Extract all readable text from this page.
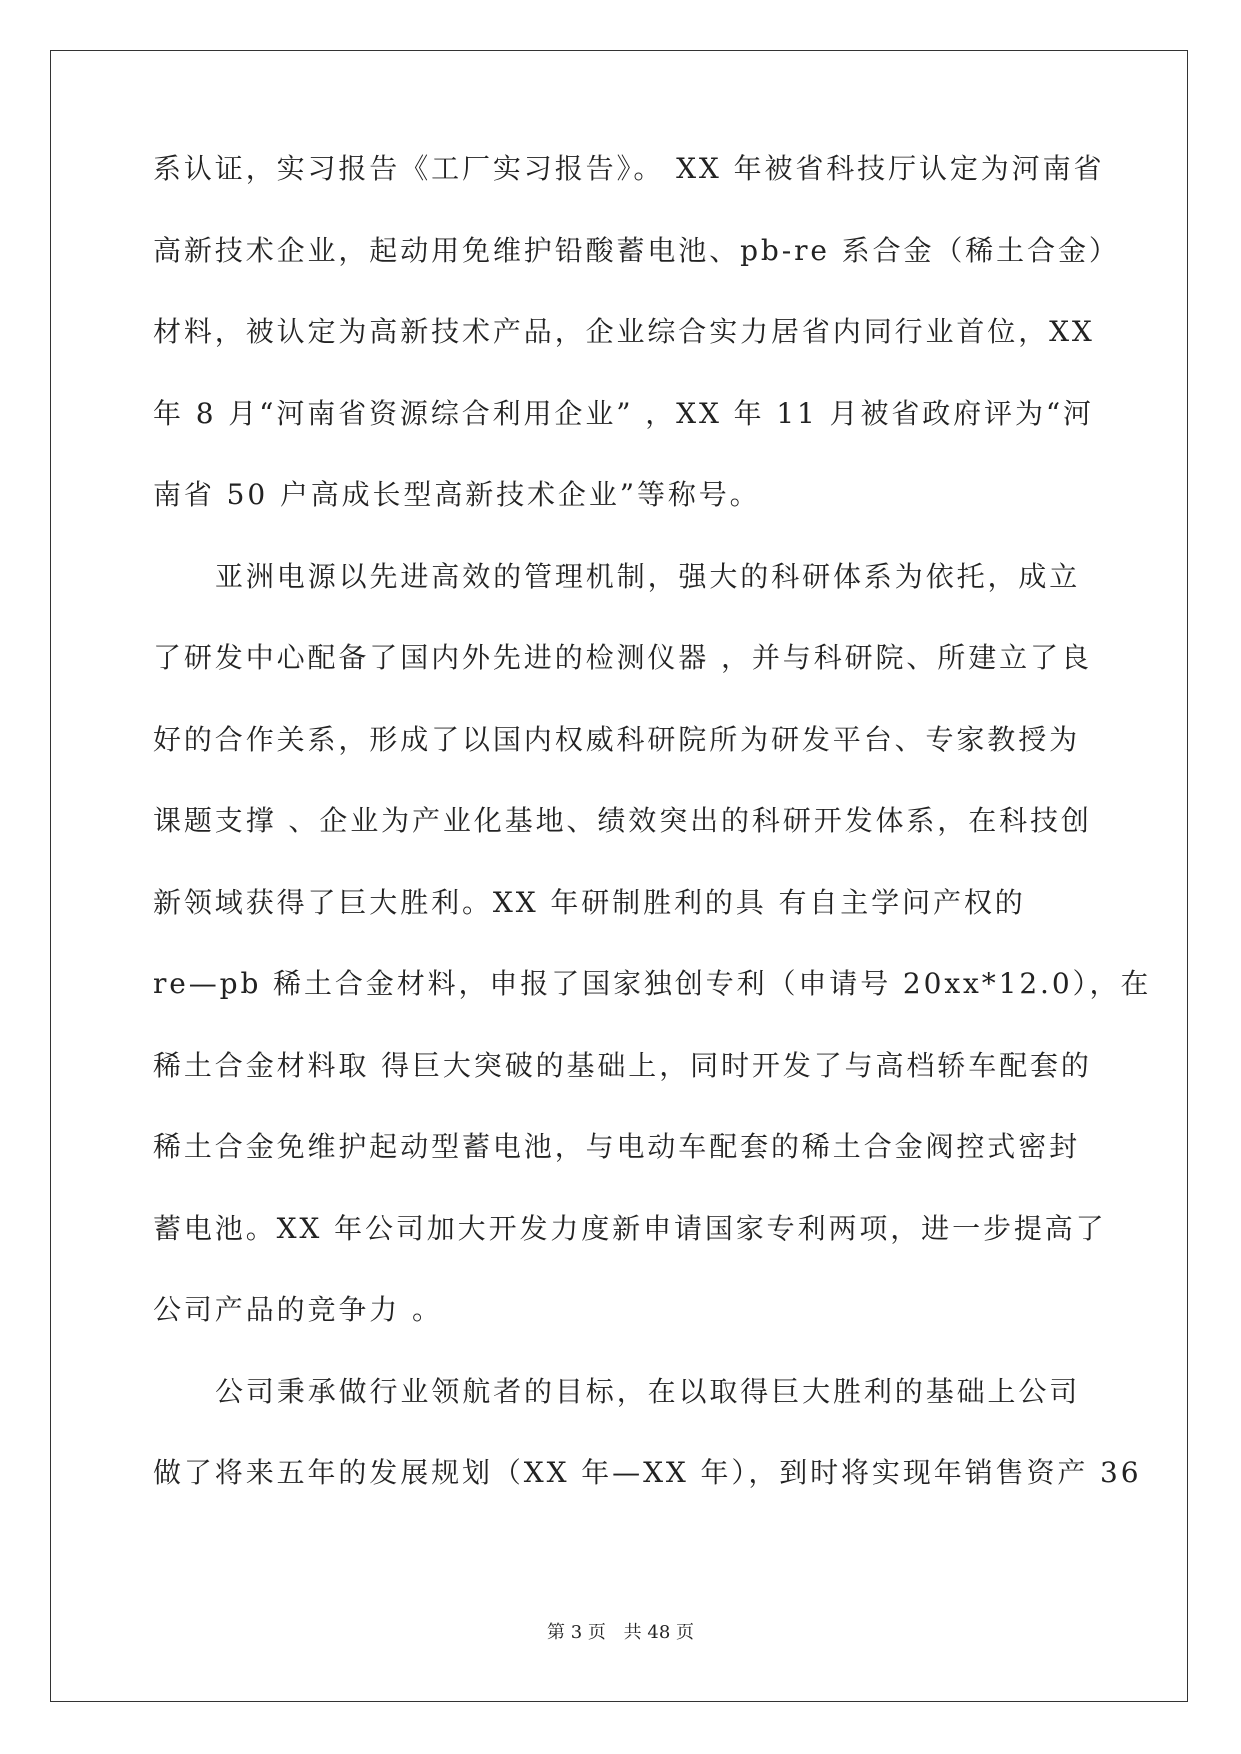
系认证，实习报告《工厂实习报告》。 XX 年被省科技厅认定为河南省
高新技术企业，起动用免维护铅酸蓄电池、pb-re 系合金（稀土合金）
材料，被认定为高新技术产品，企业综合实力居省内同行业首位，XX
年 8 月“河南省资源综合利用企业” ，XX 年 11 月被省政府评为“河
南省 50 户高成长型高新技术企业”等称号。
亚洲电源以先进高效的管理机制，强大的科研体系为依托，成立
了研发中心配备了国内外先进的检测仪器 ，并与科研院、所建立了良
好的合作关系，形成了以国内权威科研院所为研发平台、专家教授为
课题支撑 、企业为产业化基地、绩效突出的科研开发体系，在科技创
新领域获得了巨大胜利。XX 年研制胜利的具 有自主学问产权的
re—pb 稀土合金材料，申报了国家独创专利（申请号 20xx*12.0），在
稀土合金材料取 得巨大突破的基础上，同时开发了与高档轿车配套的
稀土合金免维护起动型蓄电池，与电动车配套的稀土合金阀控式密封
蓄电池。XX 年公司加大开发力度新申请国家专利两项，进一步提高了
公司产品的竞争力 。
公司秉承做行业领航者的目标，在以取得巨大胜利的基础上公司
做了将来五年的发展规划（XX 年—XX 年），到时将实现年销售资产 36
第 3 页 共 48 页
